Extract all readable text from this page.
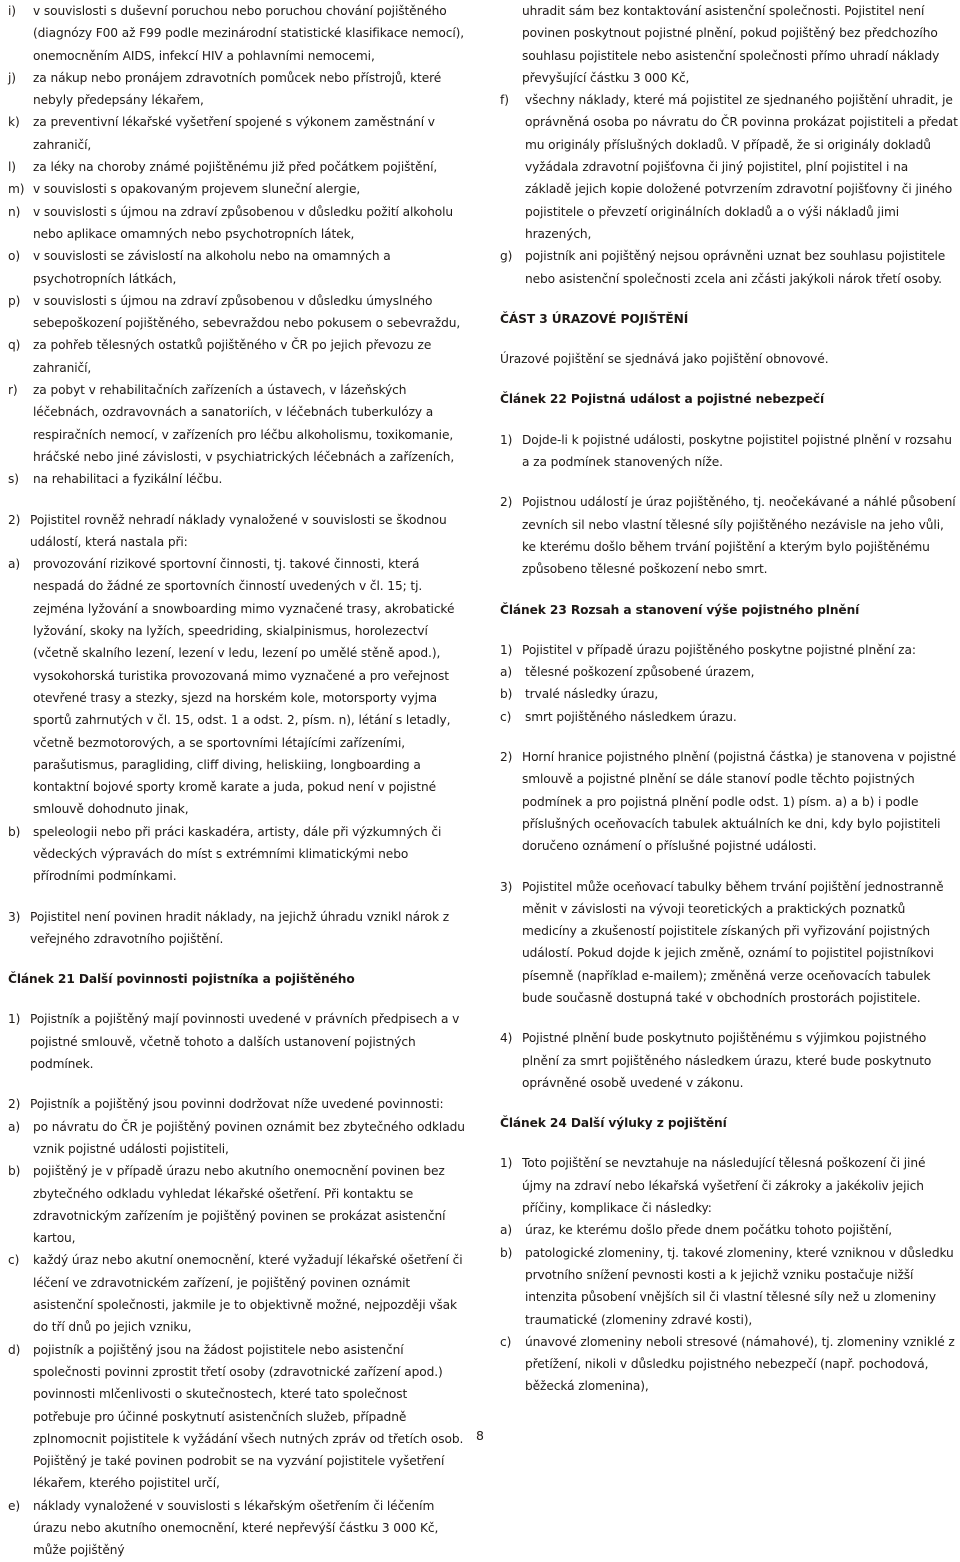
i)	v souvislosti s duševní poruchou nebo poruchou chování pojištěného (diagnózy F00 až F99 podle mezinárodní statistické klasifikace nemocí), onemocněním AIDS, infekcí HIV a pohlavními nemocemi,
j)	za nákup nebo pronájem zdravotních pomůcek nebo přístrojů, které nebyly předepsány lékařem,
k)	za preventivní lékařské vyšetření spojené s výkonem zaměstnání v zahraničí,
l)	za léky na choroby známé pojištěnému již před počátkem pojištění,
m) v souvislosti s opakovaným projevem sluneční alergie,
n)	v souvislosti s újmou na zdraví způsobenou v důsledku požití alkoholu nebo aplikace omamných nebo psychotropních látek,
o)	v souvislosti se závislostí na alkoholu nebo na omamných a psychotropních látkách,
p)	v souvislosti s újmou na zdraví způsobenou v důsledku úmyslného sebepoškození pojištěného, sebevraždou nebo pokusem o sebevraždu,
q)	za pohřeb tělesných ostatků pojištěného v ČR po jejich převozu ze zahraničí,
r)	za pobyt v rehabilitačních zařízeních a ústavech, v lázeňských léčebnách, ozdravovnách a sanatoriích, v léčebnách tuberkulózy a respiračních nemocí, v zařízeních pro léčbu alkoholismu, toxikomanie, hráčské nebo jiné závislosti, v psychiatrických léčebnách a zařízeních,
s)	na rehabilitaci a fyzikální léčbu.
2) Pojistitel rovněž nehradí náklady vynaložené v souvislosti se škodnou událostí, která nastala při:
a)	provozování rizikové sportovní činnosti, tj. takové činnosti, která nespadá do žádné ze sportovních činností uvedených v čl. 15; tj. zejména lyžování a snowboarding mimo vyznačené trasy, akrobatické lyžování, skoky na lyžích, speedriding, skialpinismus, horolezectví (včetně skalního lezení, lezení v ledu, lezení po umělé stěně apod.), vysokohorská turistika provozovaná mimo vyznačené a pro veřejnost otevřené trasy a stezky, sjezd na horském kole, motorsporty vyjma sportů zahrnutých v čl. 15, odst. 1 a odst. 2, písm. n), létání s letadly, včetně bezmotorových, a se sportovními létajícími zařízeními, parašutismus, paragliding, cliff diving, heliskiing, longboarding a kontaktní bojové sporty kromě karate a juda, pokud není v pojistné smlouvě dohodnuto jinak,
b)	speleologii nebo při práci kaskadéra, artisty, dále při výzkumných či vědeckých výpravách do míst s extrémními klimatickými nebo přírodními podmínkami.
3) Pojistitel není povinen hradit náklady, na jejichž úhradu vznikl nárok z veřejného zdravotního pojištění.

Článek 21 Další povinnosti pojistníka a pojištěného

1) Pojistník a pojištěný mají povinnosti uvedené v právních předpisech a v pojistné smlouvě, včetně tohoto a dalších ustanovení pojistných podmínek.
2) Pojistník a pojištěný jsou povinni dodržovat níže uvedené povinnosti:
a)	po návratu do ČR je pojištěný povinen oznámit bez zbytečného odkladu vznik pojistné události pojistiteli,
b)	pojištěný je v případě úrazu nebo akutního onemocnění povinen bez zbytečného odkladu vyhledat lékařské ošetření. Při kontaktu se zdravotnickým zařízením je pojištěný povinen se prokázat asistenční kartou,
c)	každý úraz nebo akutní onemocnění, které vyžadují lékařské ošetření či léčení ve zdravotnickém zařízení, je pojištěný povinen oznámit asistenční společnosti, jakmile je to objektivně možné, nejpozději však do tří dnů po jejich vzniku,
d)	pojistník a pojištěný jsou na žádost pojistitele nebo asistenční společnosti povinni zprostit třetí osoby (zdravotnické zařízení apod.) povinnosti mlčenlivosti o skutečnostech, které tato společnost potřebuje pro účinné poskytnutí asistenčních služeb, případně zplnomocnit pojistitele k vyžádání všech nutných zpráv od třetích osob. Pojištěný je také povinen podrobit se na vyzvání pojistitele vyšetření lékařem, kterého pojistitel určí,
e)	náklady vynaložené v souvislosti s lékařským ošetřením či léčením úrazu nebo akutního onemocnění, které nepřevýší částku 3 000 Kč, může pojištěný

uhradit sám bez kontaktování asistenční společnosti. Pojistitel není povinen poskytnout pojistné plnění, pokud pojištěný bez předchozího souhlasu pojistitele nebo asistenční společnosti přímo uhradí náklady převyšující částku 3 000 Kč,

f)	všechny náklady, které má pojistitel ze sjednaného pojištění uhradit, je oprávněná osoba po návratu do ČR povinna prokázat pojistiteli a předat mu originály příslušných dokladů. V případě, že si originály dokladů vyžádala zdravotní pojišťovna či jiný pojistitel, plní pojistitel i na základě jejich kopie doložené potvrzením zdravotní pojišťovny či jiného pojistitele o převzetí originálních dokladů a o výši nákladů jimi hrazených,
g)	pojistník ani pojištěný nejsou oprávněni uznat bez souhlasu pojistitele nebo asistenční společnosti zcela ani zčásti jakýkoli nárok třetí osoby.

ČÁST 3 ÚRAZOVÉ POJIŠTĚNÍ

Úrazové pojištění se sjednává jako pojištění obnovové.

Článek 22 Pojistná událost a pojistné nebezpečí

1) Dojde-li k pojistné události, poskytne pojistitel pojistné plnění v rozsahu a za podmínek stanovených níže.
2) Pojistnou událostí je úraz pojištěného, tj. neočekávané a náhlé působení zevních sil nebo vlastní tělesné síly pojištěného nezávisle na jeho vůli, ke kterému došlo během trvání pojištění a kterým bylo pojištěnému způsobeno tělesné poškození nebo smrt.

Článek 23 Rozsah a stanovení výše pojistného plnění

1) Pojistitel v případě úrazu pojištěného poskytne pojistné plnění za:
a)	tělesné poškození způsobené úrazem,
b)	trvalé následky úrazu,
c)	smrt pojištěného následkem úrazu.
2) Horní hranice pojistného plnění (pojistná částka) je stanovena v pojistné smlouvě a pojistné plnění se dále stanoví podle těchto pojistných podmínek a pro pojistná plnění podle odst. 1) písm. a) a b) i podle příslušných oceňovacích tabulek aktuálních ke dni, kdy bylo pojistiteli doručeno oznámení o příslušné pojistné události.
3) Pojistitel může oceňovací tabulky během trvání pojištění jednostranně měnit v závislosti na vývoji teoretických a praktických poznatků medicíny a zkušeností pojistitele získaných při vyřizování pojistných událostí. Pokud dojde k jejich změně, oznámí to pojistitel pojistníkovi písemně (například e-mailem); změněná verze oceňovacích tabulek bude současně dostupná také v obchodních prostorách pojistitele.
4) Pojistné plnění bude poskytnuto pojištěnému s výjimkou pojistného plnění za smrt pojištěného následkem úrazu, které bude poskytnuto oprávněné osobě uvedené v zákonu.

Článek 24 Další výluky z pojištění

1) Toto pojištění se nevztahuje na následující tělesná poškození či jiné újmy na zdraví nebo lékařská vyšetření či zákroky a jakékoliv jejich příčiny, komplikace či následky:
a)	úraz, ke kterému došlo přede dnem počátku tohoto pojištění,
b)	patologické zlomeniny, tj. takové zlomeniny, které vzniknou v důsledku prvotního snížení pevnosti kosti a k jejichž vzniku postačuje nižší intenzita působení vnějších sil či vlastní tělesné síly než u zlomeniny traumatické (zlomeniny zdravé kosti),
c)	únavové zlomeniny neboli stresové (námahové), tj. zlomeniny vzniklé z přetížení, nikoli v důsledku pojistného nebezpečí (např. pochodová, běžecká zlomenina),
8
